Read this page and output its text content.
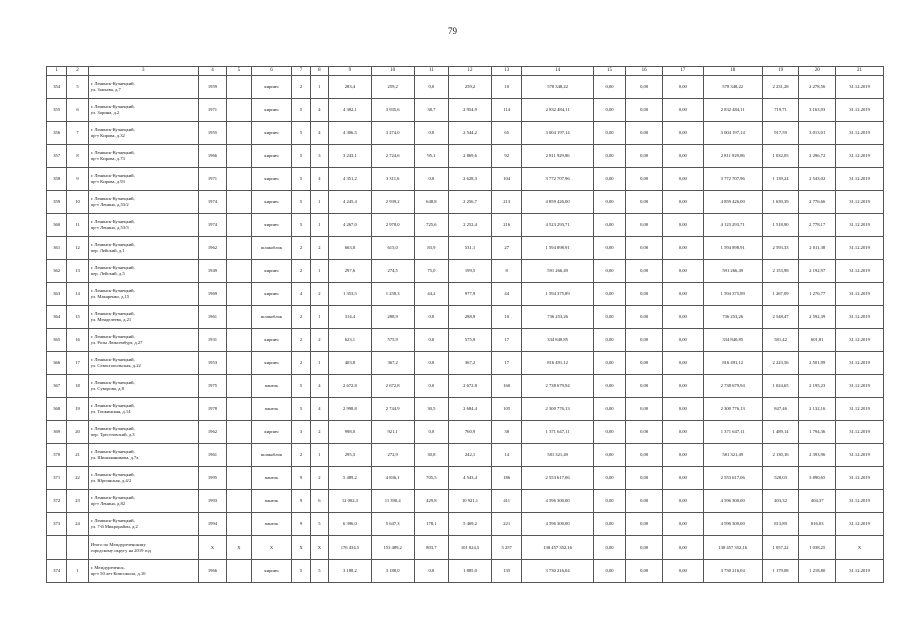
79
1	2	3	4	5	6	7	8	9	10	11	12	13	14	15	16	17	18	19	20	21
354	5	г. Ленинск-Кузнецкий,
ул. Зоньева, д.7	1959		кирпич	2	1	283,4	259,2	0,0	259,2	10	578 348,22	0,00	0,00	0,00	578 348,22	2 231,28	2 278,56	31.12.2019
355	6	г. Ленинск-Кузнецкий,
ул. Зорина, д.2	1971		кирпич	5	4	4 382,1	3 935,6	38,7	2 954,9	114	2 832 484,11	0,00	0,00	0,00	2 832 484,11	719,71	3 163,93	31.12.2019
356	7	г. Ленинск-Кузнецкий,
пр-т Кирова, д.32	1955		кирпич	5	4	4 306,5	3 274,0	0,0	2 544,2	65	3 004 197,14	0,00	0,00	0,00	3 004 197,14	917,59	3 013,01	31.12.2019
357	8	г. Ленинск-Кузнецкий,
пр-т Кирова, д.73	1966		кирпич	5	3	3 243,1	2 724,6	95,1	2 869,6	92	2 811 929,86	0,00	0,00	0,00	2 811 929,86	1 032,05	2 296,72	31.12.2019
358	9	г. Ленинск-Кузнецкий,
пр-т Кирова, д.93	1971		кирпич	5	4	4 351,2	3 311,6	0,0	2 628,3	104	3 772 707,96	0,00	0,00	0,00	3 772 707,96	1 139,24	2 543,02	31.12.2019
359	10	г. Ленинск-Кузнецкий,
пр-т Ленина, д.53/2	1974		кирпич	5	1	4 245,4	2 939,2	648,8	2 256,7	213	4 859 426,00	0,00	0,00	0,00	4 859 426,00	1 639,39	2 776,66	31.12.2019
360	11	г. Ленинск-Кузнецкий,
пр-т Ленина, д.53/3	1974		кирпич	5	1	4 267,0	2 978,0	725,6	2 252,4	216	4 523 293,71	0,00	0,00	0,00	4 123 293,71	1 518,90	2 778,17	31.12.2019
361	12	г. Ленинск-Кузнецкий,
пер. Лейский, д.1	1962		шлакоблок	2	2	663,8	615,0	83,9	531,1	27	1 594 898,91	0,00	0,00	0,00	1 594 898,91	2 593,33	2 011,38	31.12.2019
362	13	г. Ленинск-Кузнецкий,
пер. Лейский, д.5	1949		кирпич	2	1	297,6	274,5	75,0	199,5	8	591 266,49	0,00	0,00	0,00	591 266,49	2 153,98	2 192,97	31.12.2019
363	14	г. Ленинск-Кузнецкий,
ул. Макаренко, д.15	1969		кирпич	4	2	1 353,5	1 258,3	44,2	977,9	44	1 594 375,89	0,00	0,00	0,00	1 594 375,89	1 267,09	1 276,77	31.12.2019
364	15	г. Ленинск-Кузнецкий,
ул. Менделеева, д.21	1961		шлакоблок	2	1	314,4	288,9	0,0	288,9	10	736 253,26	0,00	0,00	0,00	736 253,26	2 548,47	2 592,39	31.12.2019
365	16	г. Ленинск-Кузнецкий,
ул. Розы Люксембург, д.27	1931		кирпич	2	2	623,1	575,9	0,0	575,9	17	334 840,85	0,00	0,00	0,00	334 840,85	581,42	601,81	31.12.2019
366	17	г. Ленинск-Кузнецкий,
ул. Севастопольская, д.22	1953		кирпич	2	1	403,8	367,2	0,0	367,2	17	816 491,12	0,00	0,00	0,00	816 491,12	2 223,56	2 501,99	31.12.2019
367	18	г. Ленинск-Кузнецкий,
ул. Суворова, д.8	1975		панель	5	4	2 672,8	2 672,8	0,0	2 672,8	160	2 738 679,94	0,00	0,00	0,00	2 738 679,94	1 024,65	2 195,23	31.12.2019
368	19	г. Ленинск-Кузнецкий,
ул. Топкинская, д.14	1978		панель	5	4	2 998,8	2 744,9	30,5	2 684,4	105	2 300 776,13	0,00	0,00	0,00	2 300 776,13	847,46	2 132,16	31.12.2019
369	20	г. Ленинск-Кузнецкий,
пер. Тресттовский, д.3	1962		кирпич	3	2	998,0	921,1	0,0	760,9	38	1 371 647,11	0,00	0,00	0,00	1 371 647,11	1 489,14	1 794,36	31.12.2019
370	21	г. Ленинск-Кузнецкий,
ул. Шишлянникова, д.7а	1961		шлакоблок	2	1	295,3	272,9	30,8	242,1	14	581 321,49	0,00	0,00	0,00	581 321,49	2 130,16	2 393,96	31.12.2019
371	22	г. Ленинск-Кузнецкий,
ул. Юргинская, д.4/2	1995		панель	9	2	5 489,2	4 836,1	705,5	4 543,4	186	2 553 617,06	0,00	0,00	0,00	2 553 617,06	528,03	3 890,65	31.12.2019
372	23	г. Ленинск-Кузнецкий,
пр-т Ленина, д.82	1993		панель	9	6	12 002,3	11 390,4	429,8	10 921,1	411	4 596 300,00	0,00	0,00	0,00	4 596 300,00	403,32	404,37	31.12.2019
373	24	г. Ленинск-Кузнецкий,
ул. 7-й Микрорайон, д.2	1994		панель	9	5	6 396,0	5 647,3	178,1	5 469,2	221	4 596 300,00	0,00	0,00	0,00	4 596 300,00	813,89	816,03	31.12.2019

		Итого по Междуреченскому
городскому округу на 2019 год	X	X	X	X	X	176 434,5	153 489,2	803,7	101 024,5	5 257	138 457 352,16	0,00	0,00	0,00	138 457 352,16	1 057,22	1 038,25	X
374	1	г. Междуреченск,
пр-т 50 лет Комсомола, д.10	1966		кирпич	5	5	3 188,2	3 188,0	0,0	1 885,0	135	3 730 216,04	0,00	0,00	0,00	3 730 216,04	1 179,08	1 218,80	31.12.2019
